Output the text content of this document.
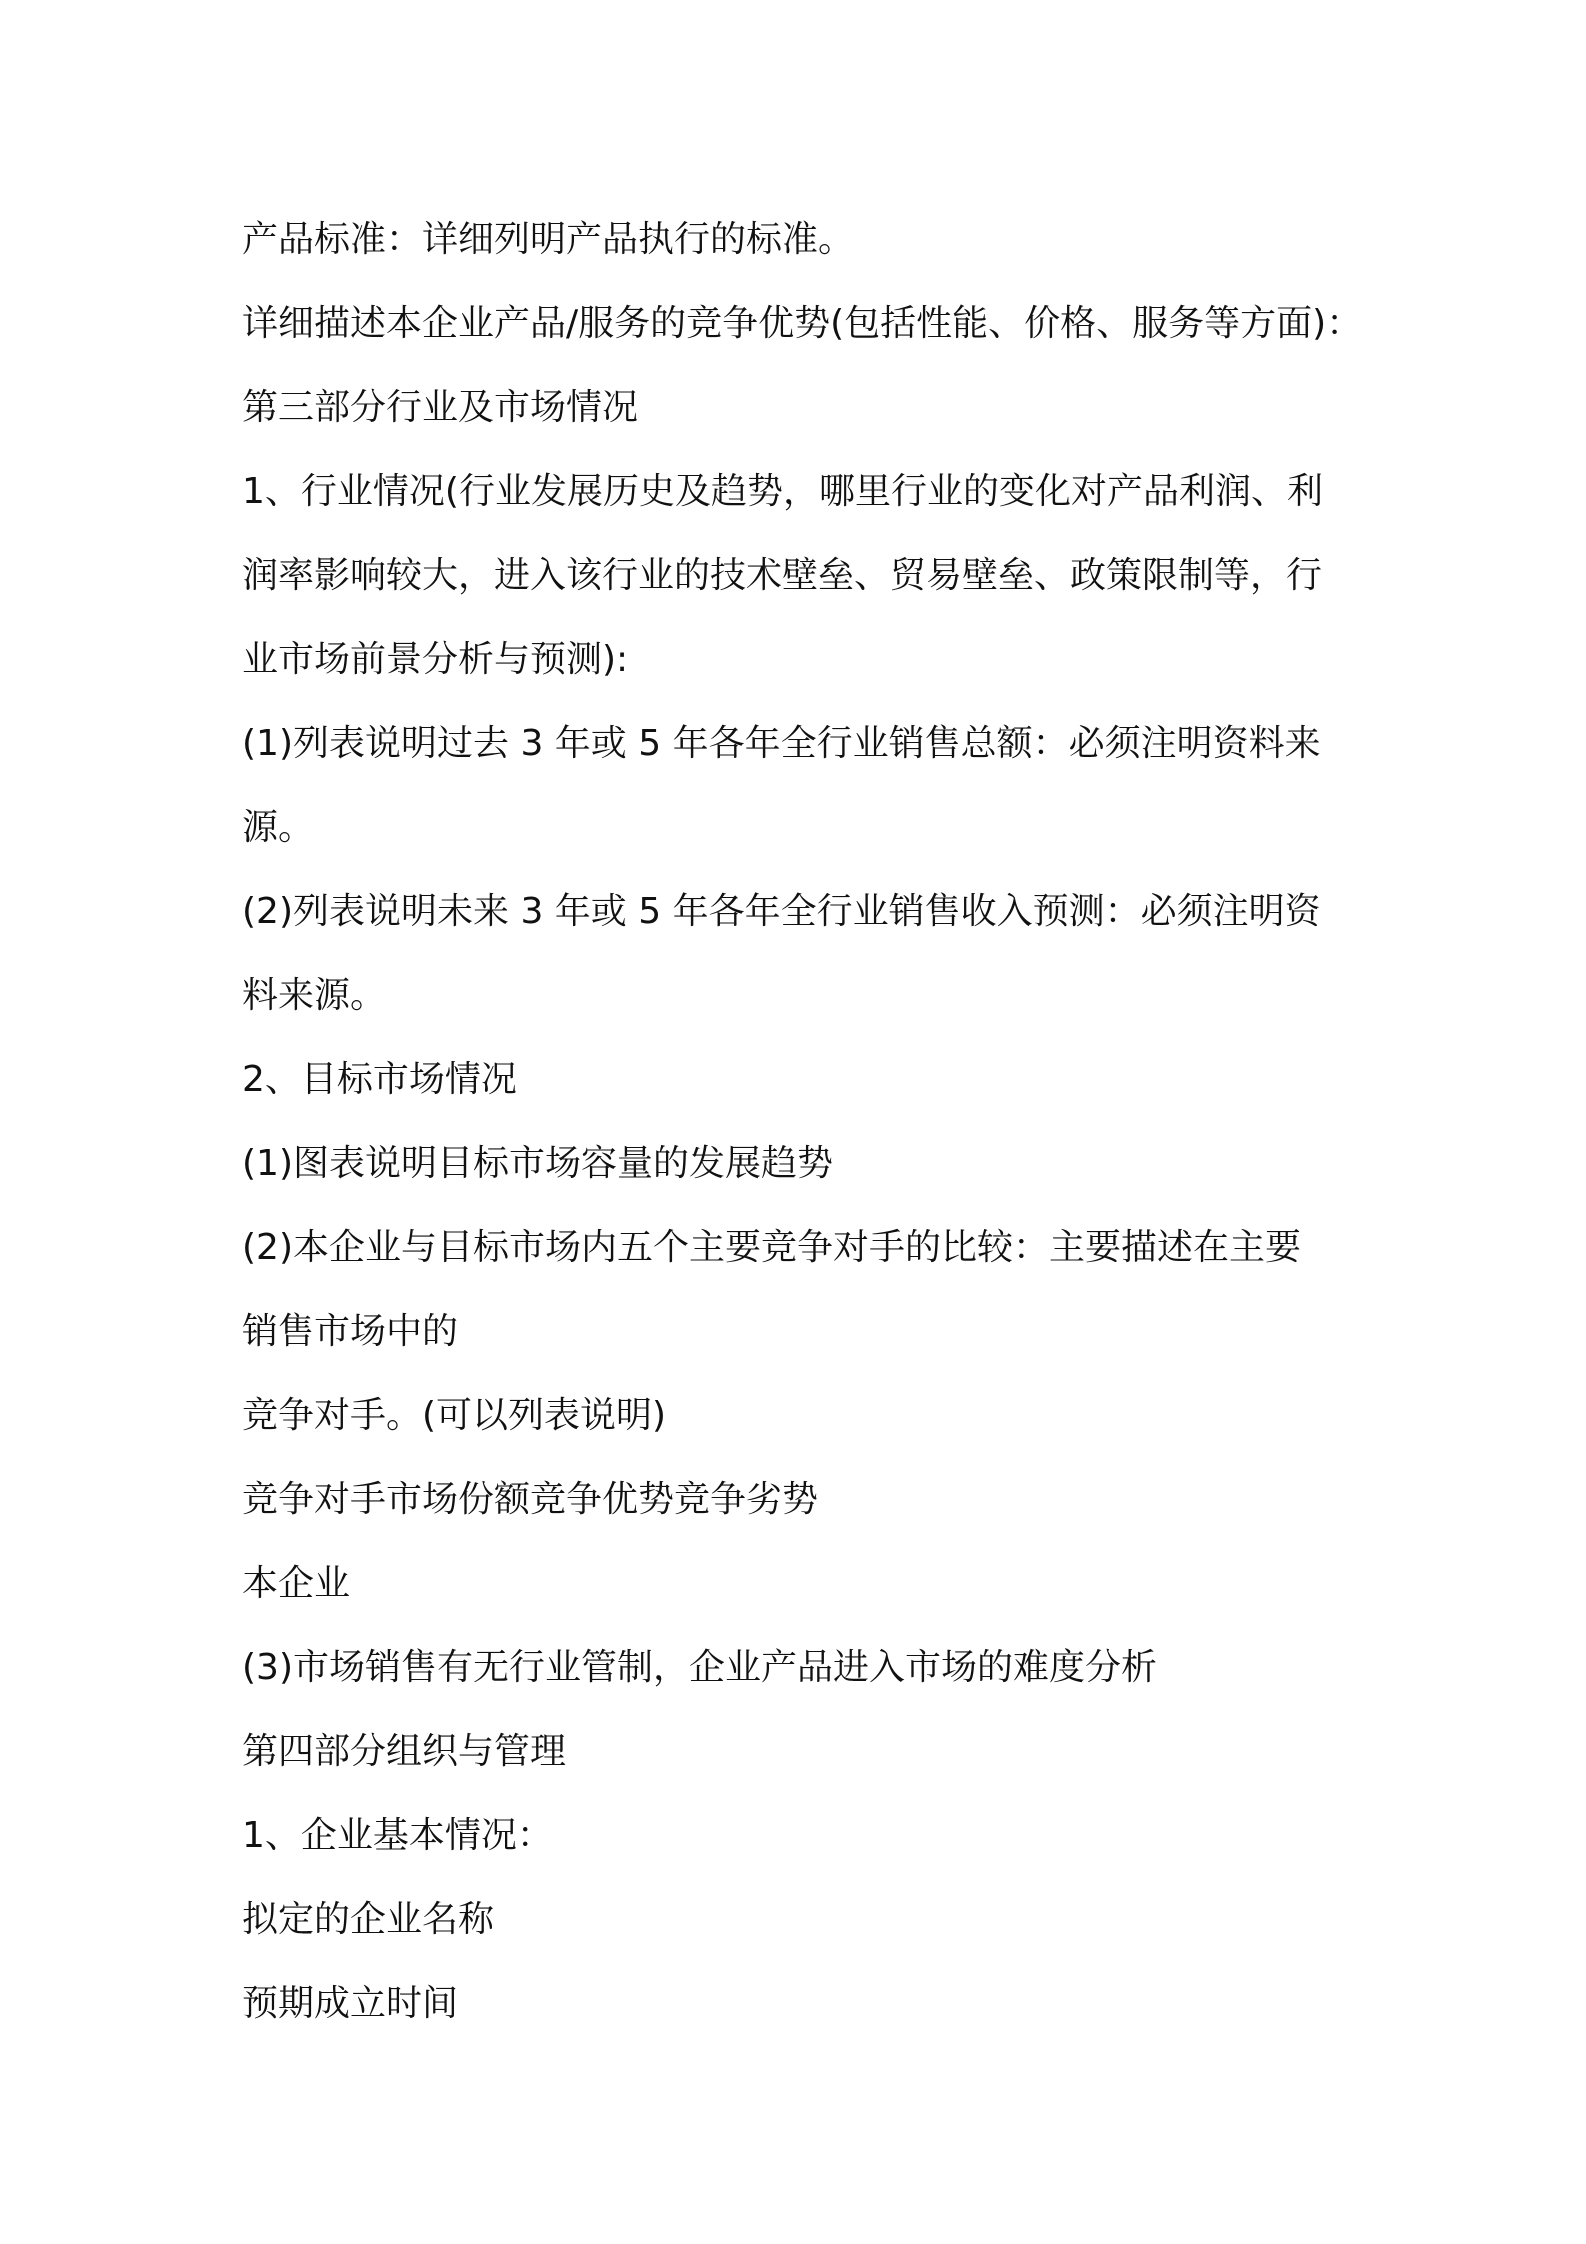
产品标准：详细列明产品执行的标准。
详细描述本企业产品/服务的竞争优势(包括性能、价格、服务等方面)：
第三部分行业及市场情况
1、行业情况(行业发展历史及趋势，哪里行业的变化对产品利润、利
润率影响较大，进入该行业的技术壁垒、贸易壁垒、政策限制等，行
业市场前景分析与预测):
(1)列表说明过去 3 年或 5 年各年全行业销售总额：必须注明资料来
源。
(2)列表说明未来 3 年或 5 年各年全行业销售收入预测：必须注明资
料来源。
2、目标市场情况
(1)图表说明目标市场容量的发展趋势
(2)本企业与目标市场内五个主要竞争对手的比较：主要描述在主要
销售市场中的
竞争对手。(可以列表说明)
竞争对手市场份额竞争优势竞争劣势
本企业
(3)市场销售有无行业管制，企业产品进入市场的难度分析
第四部分组织与管理
1、企业基本情况：
拟定的企业名称
预期成立时间
